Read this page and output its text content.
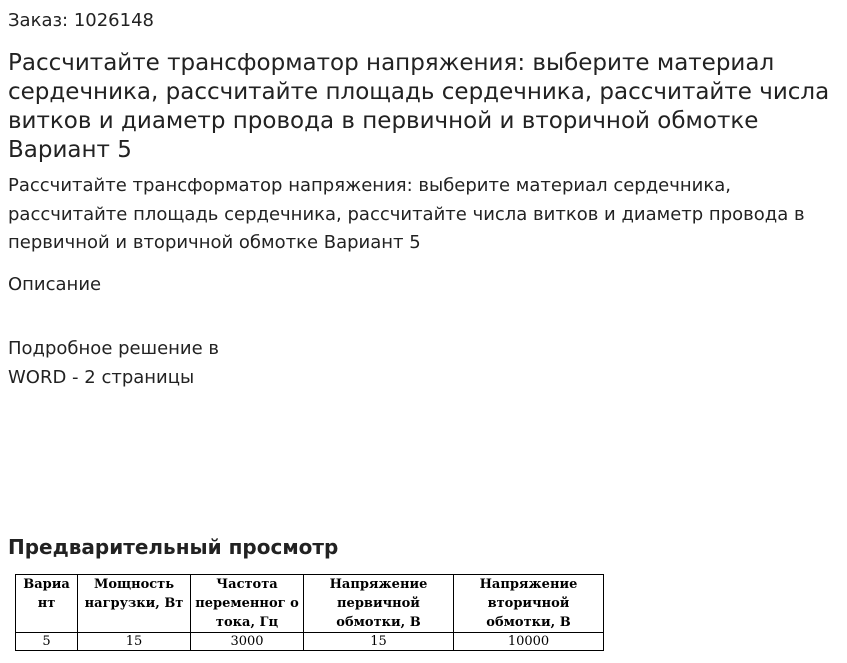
Заказ: 1026148
Рассчитайте трансформатор напряжения: выберите материал сердечника, рассчитайте площадь сердечника, рассчитайте числа витков и диаметр провода в первичной и вторичной обмотке Вариант 5

Рассчитайте трансформатор напряжения: выберите материал сердечника, рассчитайте площадь сердечника, рассчитайте числа витков и диаметр провода в первичной и вторичной обмотке Вариант 5

Описание

Подробное решение в WORD - 2 страницы

Предварительный просмотр
Вариа нт	Мощность нагрузки, Вт	Частота переменног о тока, Гц	Напряжение первичной обмотки, В	Напряжение вторичной обмотки, В
5	15	3000	15	10000
